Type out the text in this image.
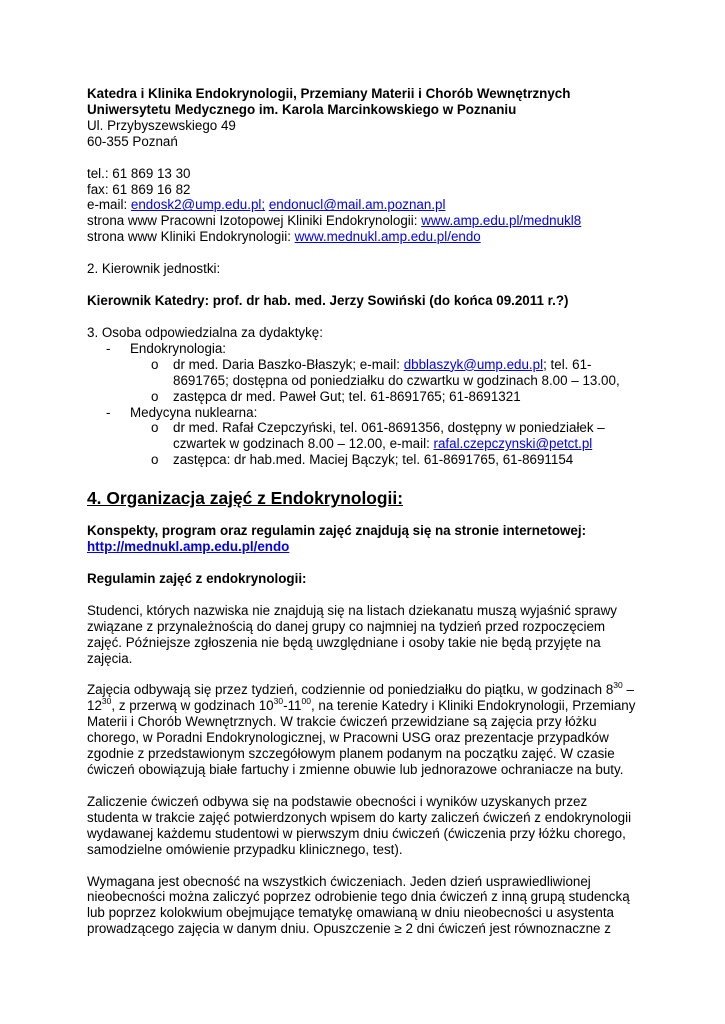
Katedra i Klinika Endokrynologii, Przemiany Materii i Chorób Wewnętrznych

Uniwersytetu Medycznego im. Karola Marcinkowskiego w Poznaniu

Ul. Przybyszewskiego 49

60-355 Poznań

tel.: 61 869 13 30

fax: 61 869 16 82

e-mail: endosk2@ump.edu.pl; endonucl@mail.am.poznan.pl

strona www Pracowni Izotopowej Kliniki Endokrynologii: www.amp.edu.pl/mednukl8

strona www Kliniki Endokrynologii: www.mednukl.amp.edu.pl/endo

2. Kierownik jednostki:

Kierownik Katedry: prof. dr hab. med. Jerzy Sowiński (do końca 09.2011 r.?)

3. Osoba odpowiedzialna za dydaktykę:

- Endokrynologia:
o dr med. Daria Baszko-Błaszyk; e-mail: dbblaszyk@ump.edu.pl; tel. 61-
8691765; dostępna od poniedziałku do czwartku w godzinach 8.00 – 13.00,
o zastępca dr med. Paweł Gut; tel. 61-8691765; 61-8691321
- Medycyna nuklearna:
o dr med. Rafał Czepczyński, tel. 061-8691356, dostępny w poniedziałek –
czwartek w godzinach 8.00 – 12.00, e-mail: rafal.czepczynski@petct.pl
o zastępca: dr hab.med. Maciej Bączyk; tel. 61-8691765, 61-8691154
4. Organizacja zajęć z Endokrynologii:

Konspekty, program oraz regulamin zajęć znajdują się na stronie internetowej:

http://mednukl.amp.edu.pl/endo

Regulamin zajęć z endokrynologii:

Studenci, których nazwiska nie znajdują się na listach dziekanatu muszą wyjaśnić sprawy
związane z przynależnością do danej grupy co najmniej na tydzień przed rozpoczęciem
zajęć. Późniejsze zgłoszenia nie będą uwzględniane i osoby takie nie będą przyjęte na
zajęcia.
Zajęcia odbywają się przez tydzień, codziennie od poniedziałku do piątku, w godzinach $8^{30}$ –
$12^{30}$, z przerwą w godzinach $10^{30}-11^{00}$, na terenie Katedry i Kliniki Endokrynologii, Przemiany
Materii i Chorób Wewnętrznych. W trakcie ćwiczeń przewidziane są zajęcia przy łóżku
chorego, w Poradni Endokrynologicznej, w Pracowni USG oraz prezentacje przypadków
zgodnie z przedstawionym szczegółowym planem podanym na początku zajęć. W czasie
ćwiczeń obowiązują białe fartuchy i zmienne obuwie lub jednorazowe ochraniacze na buty.
Zaliczenie ćwiczeń odbywa się na podstawie obecności i wyników uzyskanych przez
studenta w trakcie zajęć potwierdzonych wpisem do karty zaliczeń ćwiczeń z endokrynologii
wydawanej każdemu studentowi w pierwszym dniu ćwiczeń (ćwiczenia przy łóżku chorego,
samodzielne omówienie przypadku klinicznego, test).
Wymagana jest obecność na wszystkich ćwiczeniach. Jeden dzień usprawiedliwionej
nieobecności można zaliczyć poprzez odrobienie tego dnia ćwiczeń z inną grupą studencką
lub poprzez kolokwium obejmujące tematykę omawianą w dniu nieobecności u asystenta
prowadzącego zajęcia w danym dniu. Opuszczenie ≥ 2 dni ćwiczeń jest równoznaczne z
